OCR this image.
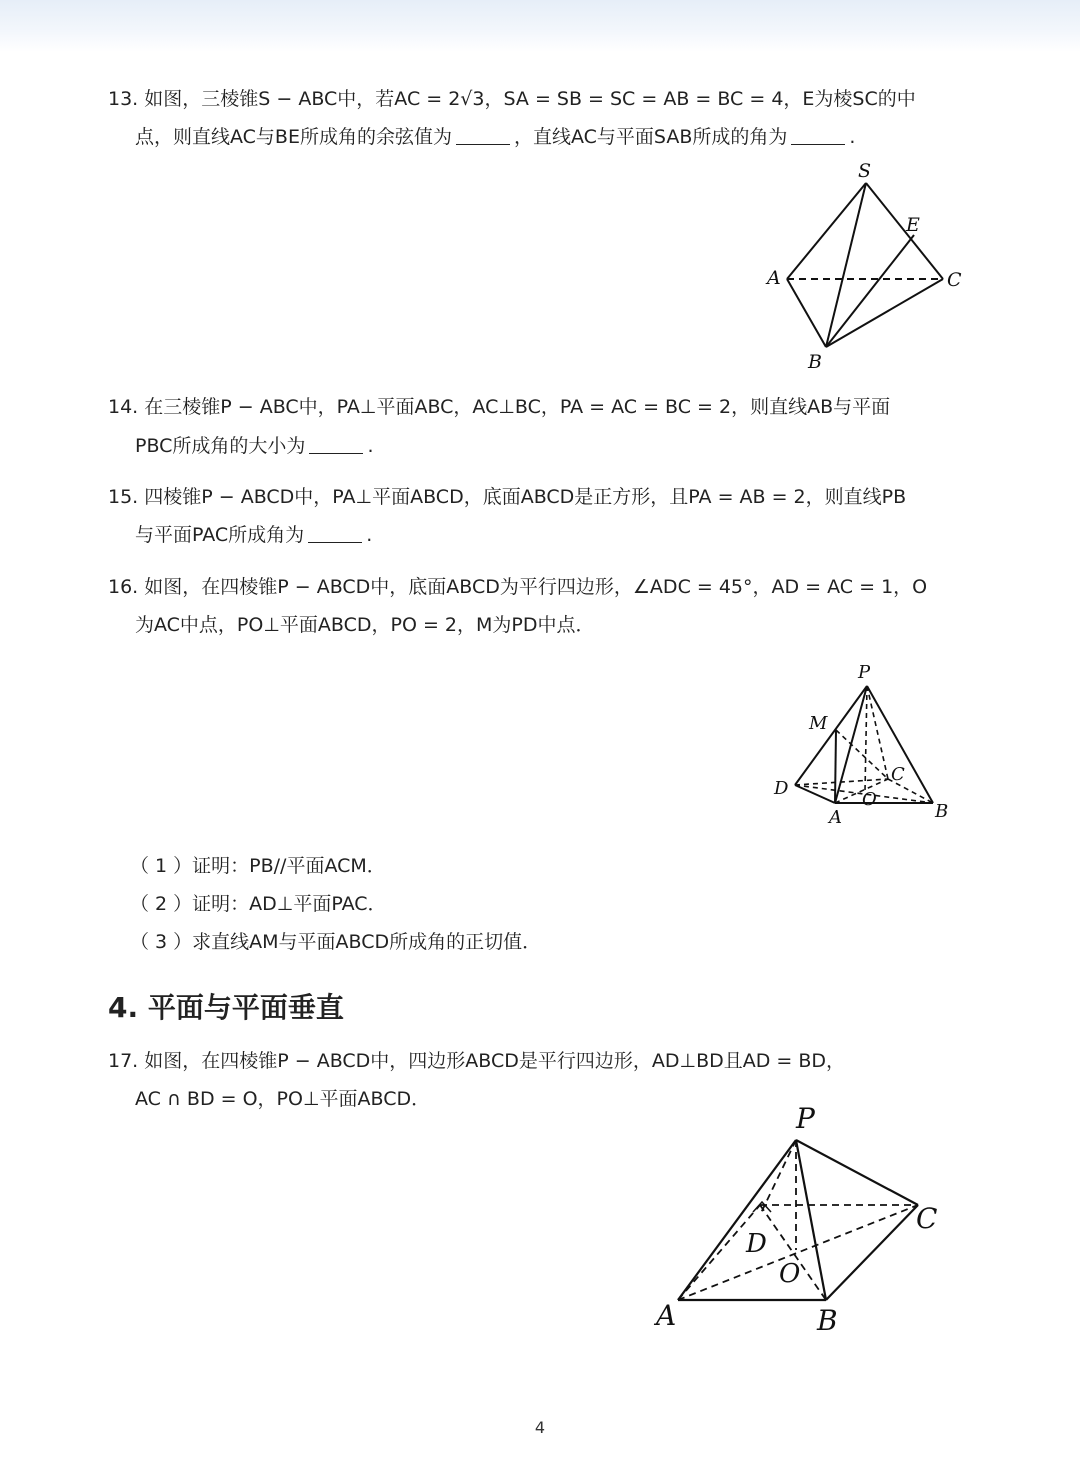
13. 如图，三棱锥S − ABC中，若AC = 2√3，SA = SB = SC = AB = BC = 4，E为棱SC的中
点，则直线AC与BE所成角的余弦值为	，直线AC与平面SAB所成的角为	.
S
E
A	C
B
14. 在三棱锥P − ABC中，PA⊥平面ABC，AC⊥BC，PA = AC = BC = 2，则直线AB与平面
PBC所成角的大小为	.
15. 四棱锥P − ABCD中，PA⊥平面ABCD，底面ABCD是正方形，且PA = AB = 2，则直线PB
与平面PAC所成角为	.
16. 如图，在四棱锥P − ABCD中，底面ABCD为平行四边形，∠ADC = 45°，AD = AC = 1，O
为AC中点，PO⊥平面ABCD，PO = 2，M为PD中点．
P
M
C
D
O
A	B
（ 1 ）证明：PB//平面ACM．
（ 2 ）证明：AD⊥平面PAC．
（ 3 ）求直线AM与平面ABCD所成角的正切值．
4. 平面与平面垂直
17. 如图，在四棱锥P − ABCD中，四边形ABCD是平行四边形，AD⊥BD且AD = BD，
AC ∩ BD = O，PO⊥平面ABCD．
P
C
D
O
A	B
4
